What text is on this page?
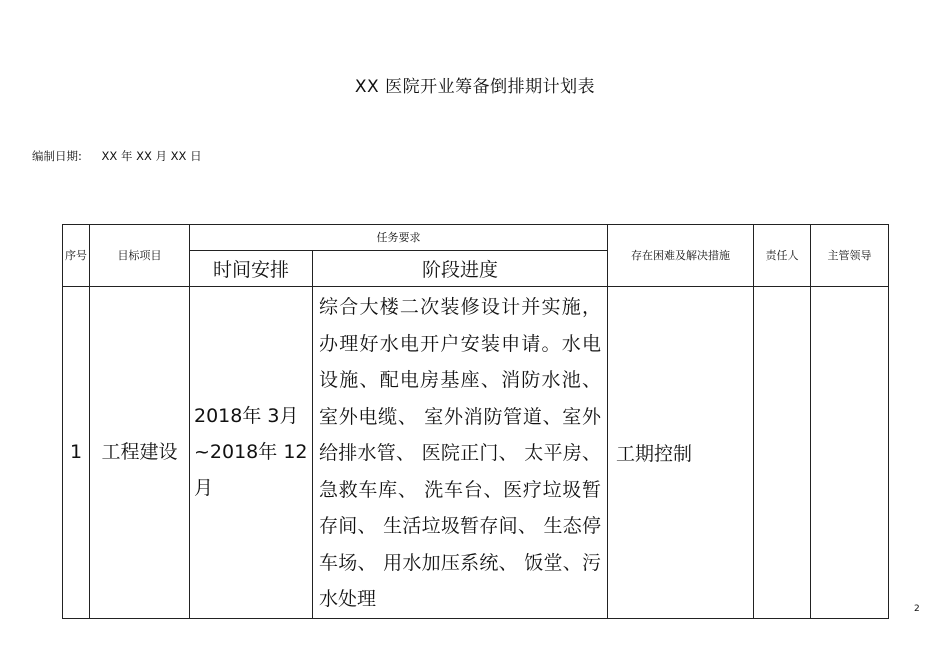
XX 医院开业筹备倒排期计划表
编制日期: XX 年 XX 月 XX 日
序号	目标项目	任务要求		存在困难及解决措施	责任人	主管领导
		时间安排	阶段进度			
1	工程建设	2018年 3月~2018年 12月	综合大楼二次装修设计并实施，办理好水电开户安装申请。水电设施、配电房基座、消防水池、 室外电缆、 室外消防管道、室外给排水管、 医院正门、 太平房、 急救车库、 洗车台、医疗垃圾暂存间、 生活垃圾暂存间、 生态停车场、 用水加压系统、 饭堂、污水处理	工期控制		
2
